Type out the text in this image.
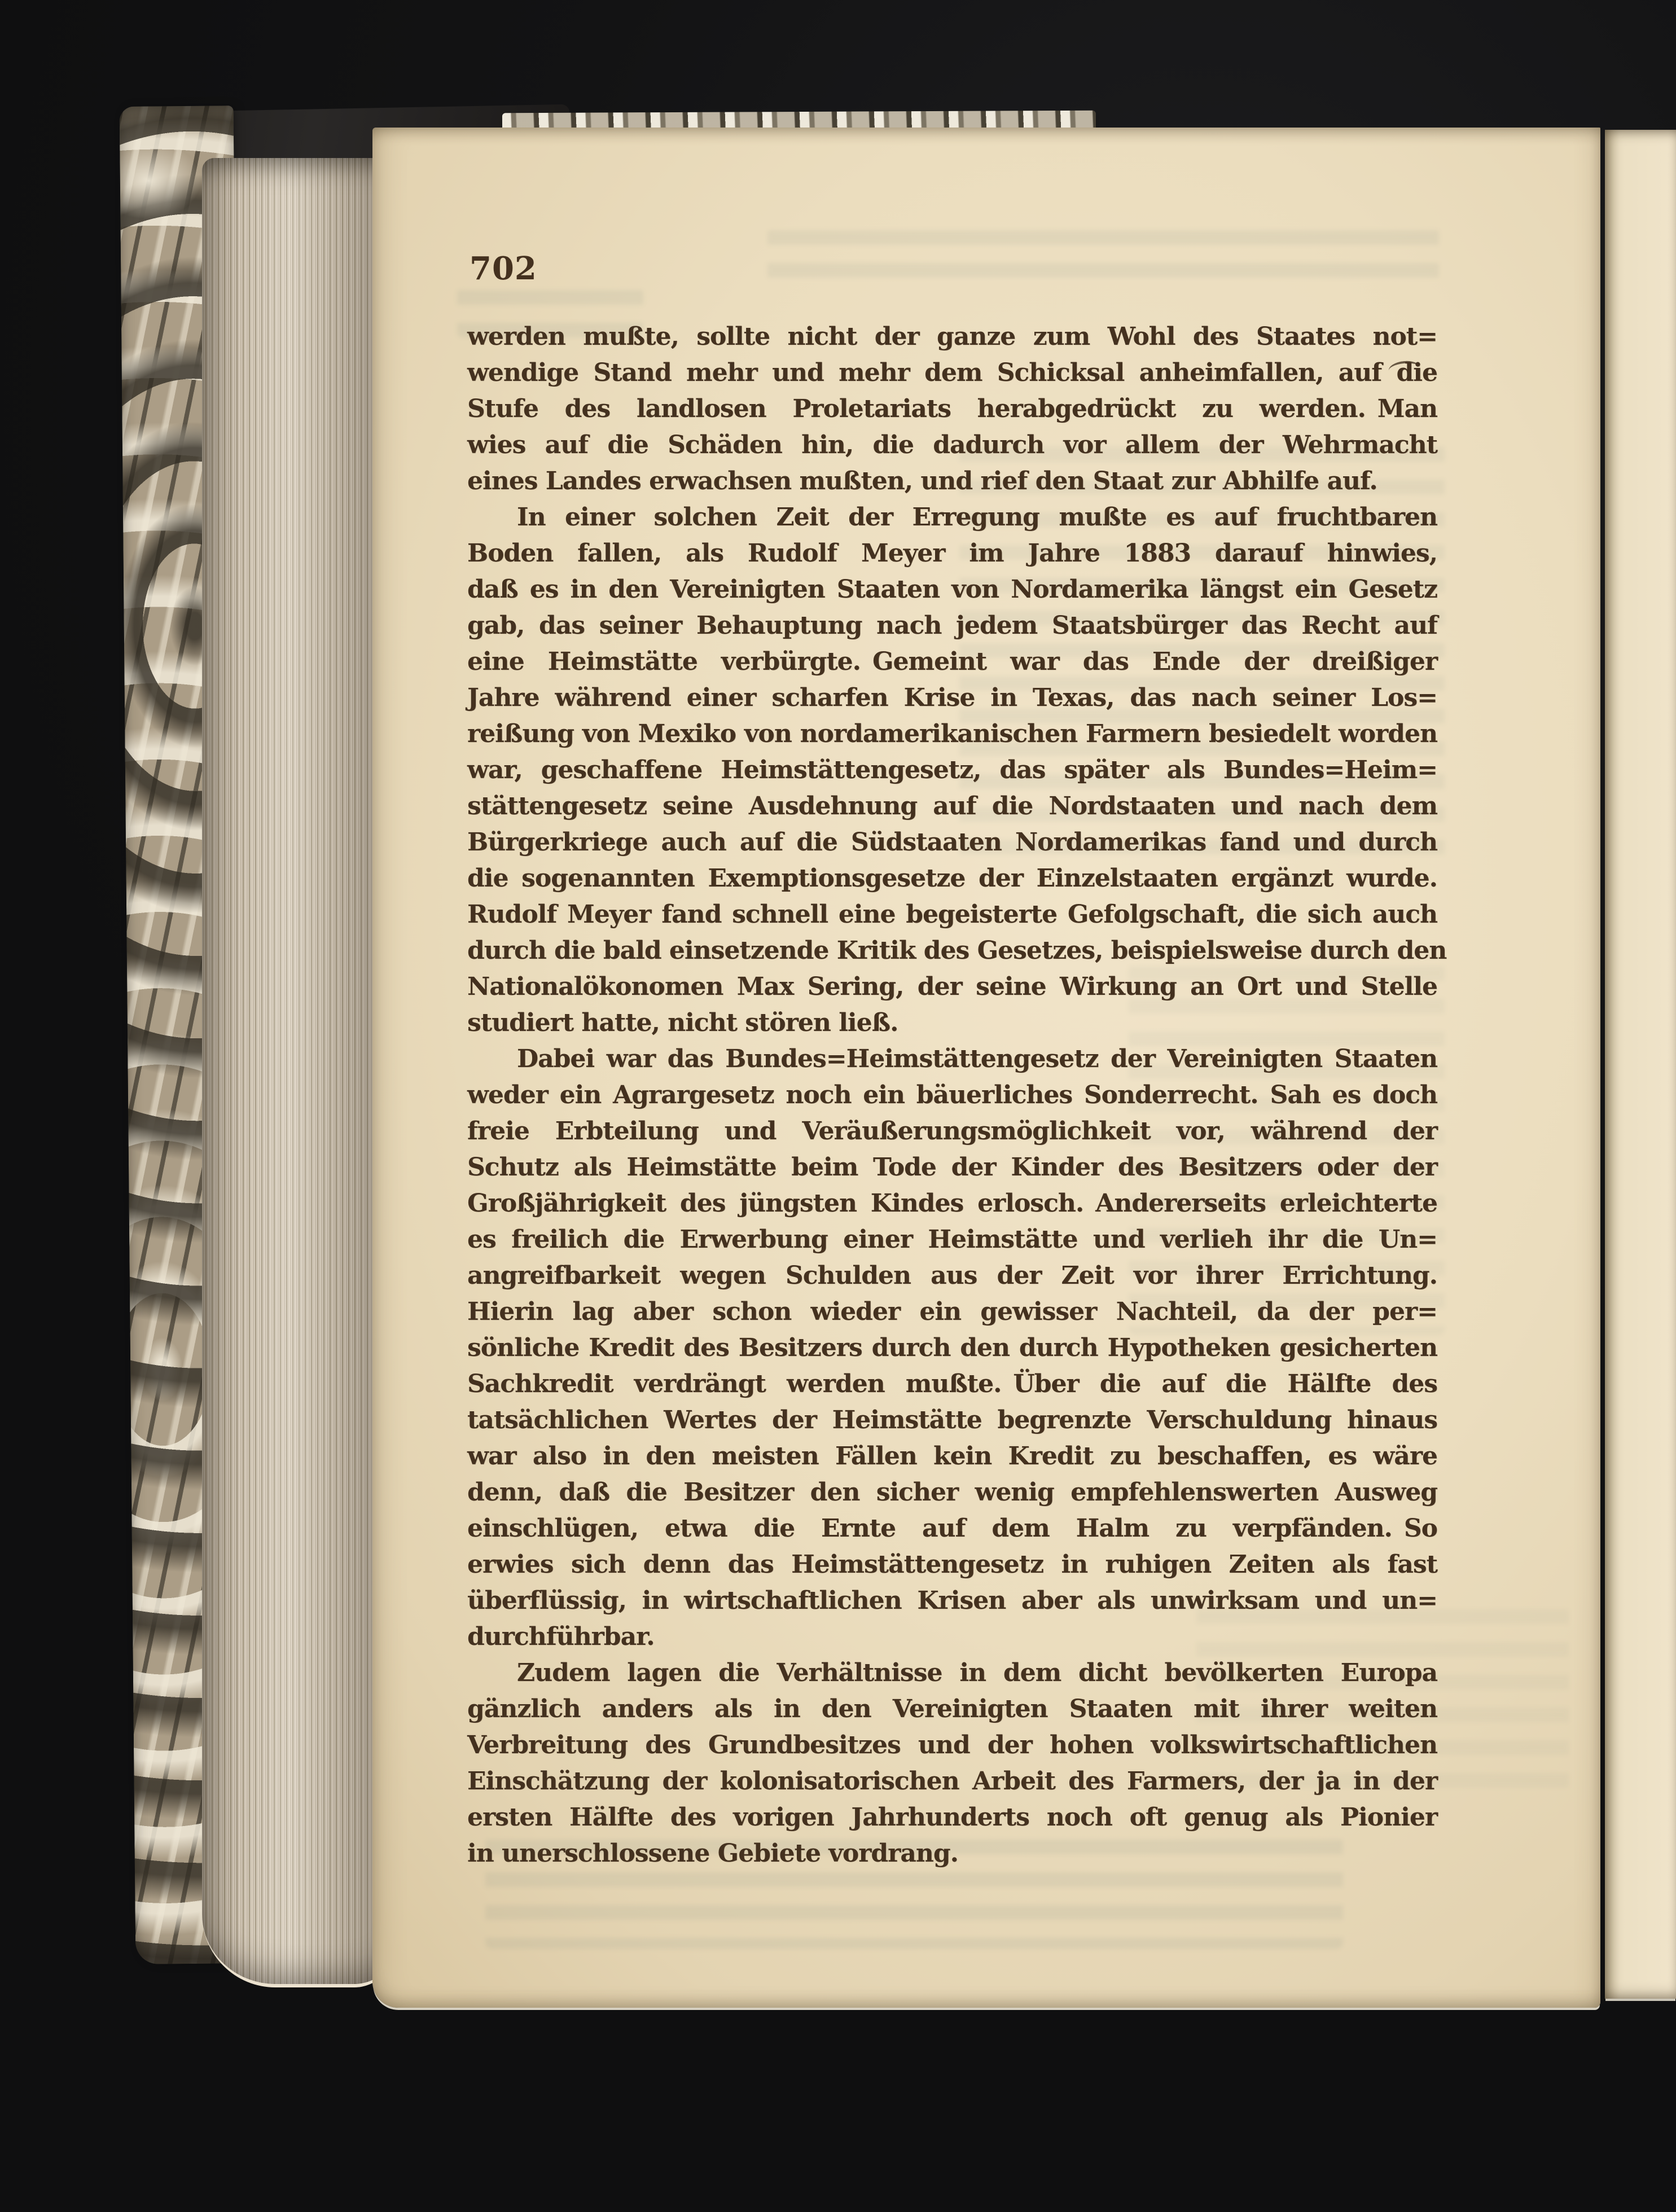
702
werden mußte, sollte nicht der ganze zum Wohl des Staates not=
wendige Stand mehr und mehr dem Schicksal anheimfallen, auf die
Stufe des landlosen Proletariats herabgedrückt zu werden. Man
wies auf die Schäden hin, die dadurch vor allem der Wehrmacht
eines Landes erwachsen mußten, und rief den Staat zur Abhilfe auf.
In einer solchen Zeit der Erregung mußte es auf fruchtbaren
Boden fallen, als Rudolf Meyer im Jahre 1883 darauf hinwies,
daß es in den Vereinigten Staaten von Nordamerika längst ein Gesetz
gab, das seiner Behauptung nach jedem Staatsbürger das Recht auf
eine Heimstätte verbürgte. Gemeint war das Ende der dreißiger
Jahre während einer scharfen Krise in Texas, das nach seiner Los=
reißung von Mexiko von nordamerikanischen Farmern besiedelt worden
war, geschaffene Heimstättengesetz, das später als Bundes=Heim=
stättengesetz seine Ausdehnung auf die Nordstaaten und nach dem
Bürgerkriege auch auf die Südstaaten Nordamerikas fand und durch
die sogenannten Exemptionsgesetze der Einzelstaaten ergänzt wurde.
Rudolf Meyer fand schnell eine begeisterte Gefolgschaft, die sich auch
durch die bald einsetzende Kritik des Gesetzes, beispielsweise durch den
Nationalökonomen Max Sering, der seine Wirkung an Ort und Stelle
studiert hatte, nicht stören ließ.
Dabei war das Bundes=Heimstättengesetz der Vereinigten Staaten
weder ein Agrargesetz noch ein bäuerliches Sonderrecht. Sah es doch
freie Erbteilung und Veräußerungsmöglichkeit vor, während der
Schutz als Heimstätte beim Tode der Kinder des Besitzers oder der
Großjährigkeit des jüngsten Kindes erlosch. Andererseits erleichterte
es freilich die Erwerbung einer Heimstätte und verlieh ihr die Un=
angreifbarkeit wegen Schulden aus der Zeit vor ihrer Errichtung.
Hierin lag aber schon wieder ein gewisser Nachteil, da der per=
sönliche Kredit des Besitzers durch den durch Hypotheken gesicherten
Sachkredit verdrängt werden mußte. Über die auf die Hälfte des
tatsächlichen Wertes der Heimstätte begrenzte Verschuldung hinaus
war also in den meisten Fällen kein Kredit zu beschaffen, es wäre
denn, daß die Besitzer den sicher wenig empfehlenswerten Ausweg
einschlügen, etwa die Ernte auf dem Halm zu verpfänden. So
erwies sich denn das Heimstättengesetz in ruhigen Zeiten als fast
überflüssig, in wirtschaftlichen Krisen aber als unwirksam und un=
durchführbar.
Zudem lagen die Verhältnisse in dem dicht bevölkerten Europa
gänzlich anders als in den Vereinigten Staaten mit ihrer weiten
Verbreitung des Grundbesitzes und der hohen volkswirtschaftlichen
Einschätzung der kolonisatorischen Arbeit des Farmers, der ja in der
ersten Hälfte des vorigen Jahrhunderts noch oft genug als Pionier
in unerschlossene Gebiete vordrang.
